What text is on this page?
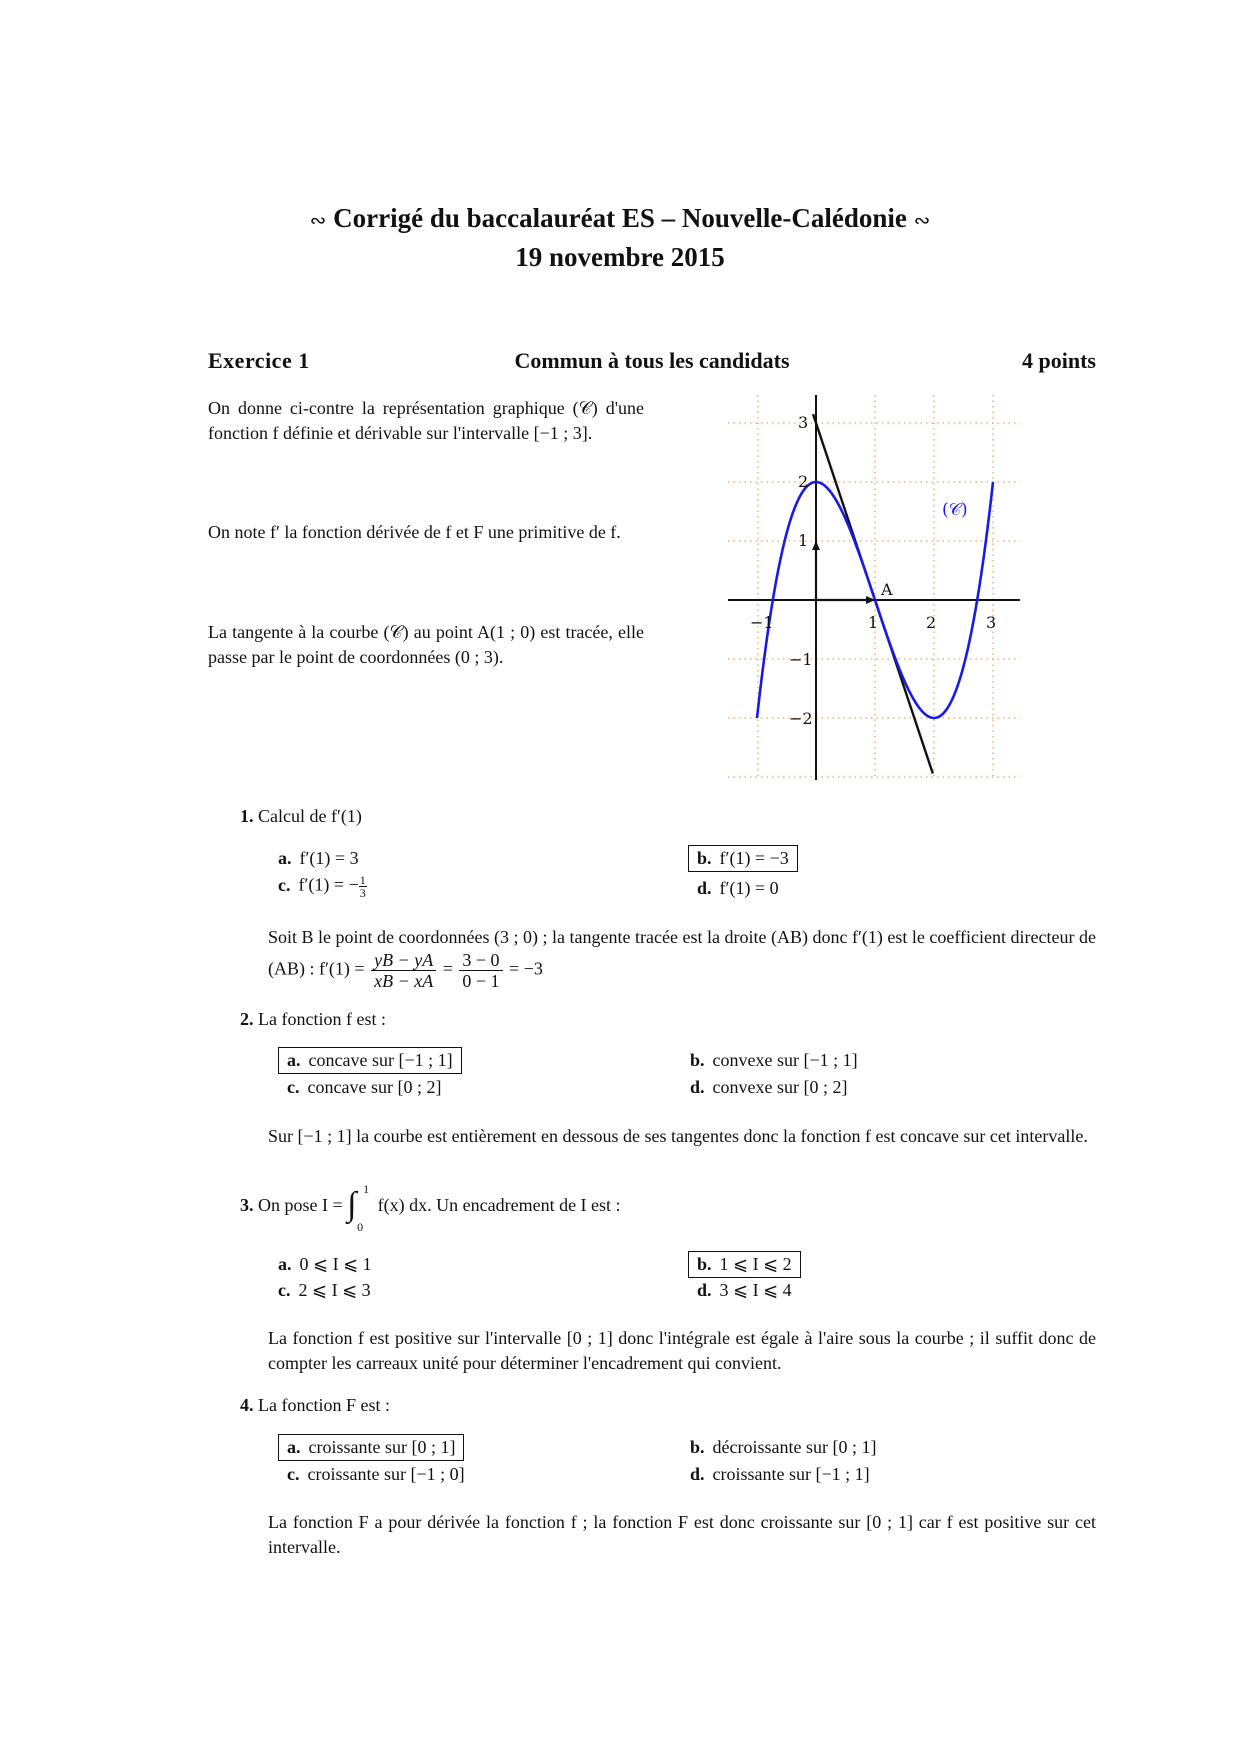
∾ Corrigé du baccalauréat ES – Nouvelle-Calédonie ∾
19 novembre 2015
Exercice 1	Commun à tous les candidats	4 points
On donne ci-contre la représentation graphique (𝒞) d'une fonction f définie et dérivable sur l'intervalle [−1 ; 3].
On note f′ la fonction dérivée de f et F une primitive de f.
La tangente à la courbe (𝒞) au point A(1 ; 0) est tracée, elle passe par le point de coordonnées (0 ; 3).
−1	1	2	3
3
2
1
−1
−2
A
(𝒞)
1. Calcul de f′(1)
a. f′(1) = 3	b. f′(1) = −3
c. f′(1) = − $\frac{1}{3}$	d. f′(1) = 0
Soit B le point de coordonnées (3 ; 0) ; la tangente tracée est la droite (AB) donc f′(1) est le coefficient directeur de (AB) : $f'(1) = \frac{yB - yA}{xB - xA} = \frac{3 - 0}{0 - 1} = -3$
2. La fonction f est :
a. concave sur [−1 ; 1]	b. convexe sur [−1 ; 1]
c. concave sur [0 ; 2]	d. convexe sur [0 ; 2]
Sur [−1 ; 1] la courbe est entièrement en dessous de ses tangentes donc la fonction f est concave sur cet intervalle.
3. On pose I = ∫ 1
0
f(x) dx. Un encadrement de I est :
a. 0 ⩽ I ⩽ 1	b. 1 ⩽ I ⩽ 2
c. 2 ⩽ I ⩽ 3	d. 3 ⩽ I ⩽ 4
La fonction f est positive sur l'intervalle [0 ; 1] donc l'intégrale est égale à l'aire sous la courbe ; il suffit donc de compter les carreaux unité pour déterminer l'encadrement qui convient.
4. La fonction F est :
a. croissante sur [0 ; 1]	b. décroissante sur [0 ; 1]
c. croissante sur [−1 ; 0]	d. croissante sur [−1 ; 1]
La fonction F a pour dérivée la fonction f ; la fonction F est donc croissante sur [0 ; 1] car f est positive sur cet intervalle.
